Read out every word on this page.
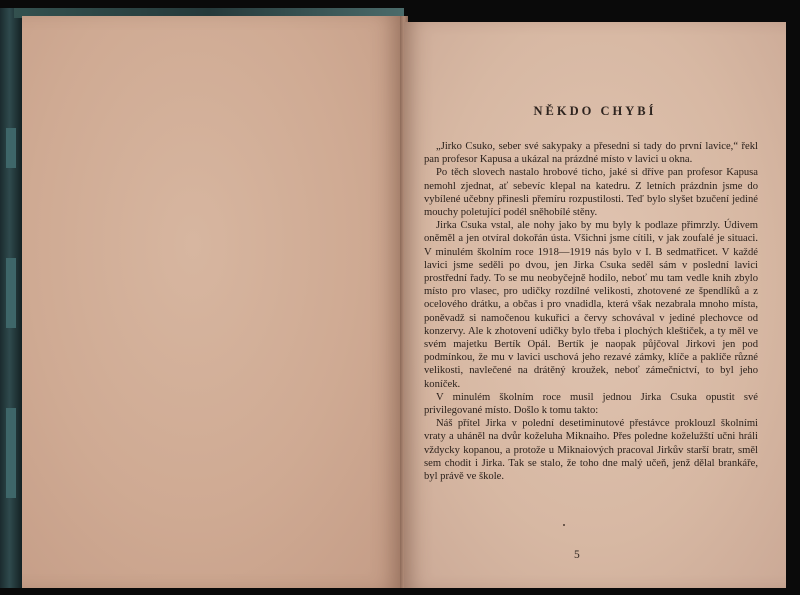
NĚKDO CHYBÍ

„Jirko Csuko, seber své sakypaky a přesedni si tady do první lavice,“ řekl pan profesor Kapusa a ukázal na prázdné místo v lavici u okna.

Po těch slovech nastalo hrobové ticho, jaké si dříve pan profesor Kapusa nemohl zjednat, ať sebevíc klepal na katedru. Z letních prázdnin jsme do vybílené učebny přinesli přemíru rozpustilosti. Teď bylo slyšet bzučení jediné mouchy poletující podél sněhobílé stěny.

Jirka Csuka vstal, ale nohy jako by mu byly k podlaze přimrzly. Údivem oněměl a jen otvíral dokořán ústa. Všichni jsme cítili, v jak zoufalé je situaci. V minulém školním roce 1918—1919 nás bylo v I. B sedmatřicet. V každé lavici jsme seděli po dvou, jen Jirka Csuka seděl sám v poslední lavici prostřední řady. To se mu neobyčejně hodilo, neboť mu tam vedle knih zbylo místo pro vlasec, pro udičky rozdílné velikosti, zhotovené ze špendlíků a z ocelového drátku, a občas i pro vnadidla, která však nezabrala mnoho místa, poněvadž si namočenou kukuřici a červy schovával v jediné plechovce od konzervy. Ale k zhotovení udičky bylo třeba i plochých kleštiček, a ty měl ve svém majetku Bertík Opál. Bertík je naopak půjčoval Jirkovi jen pod podmínkou, že mu v lavici uschová jeho rezavé zámky, klíče a paklíče různé velikosti, navlečené na drátěný kroužek, neboť zámečnictví, to byl jeho koníček.

V minulém školním roce musil jednou Jirka Csuka opustit své privilegované místo. Došlo k tomu takto:

Náš přítel Jirka v polední desetiminutové přestávce proklouzl školními vraty a uháněl na dvůr koželuha Miknaiho. Přes poledne koželužští učni hráli vždycky kopanou, a protože u Miknaiových pracoval Jirkův starší bratr, směl sem chodit i Jirka. Tak se stalo, že toho dne malý učeň, jenž dělal brankáře, byl právě ve škole.

5
